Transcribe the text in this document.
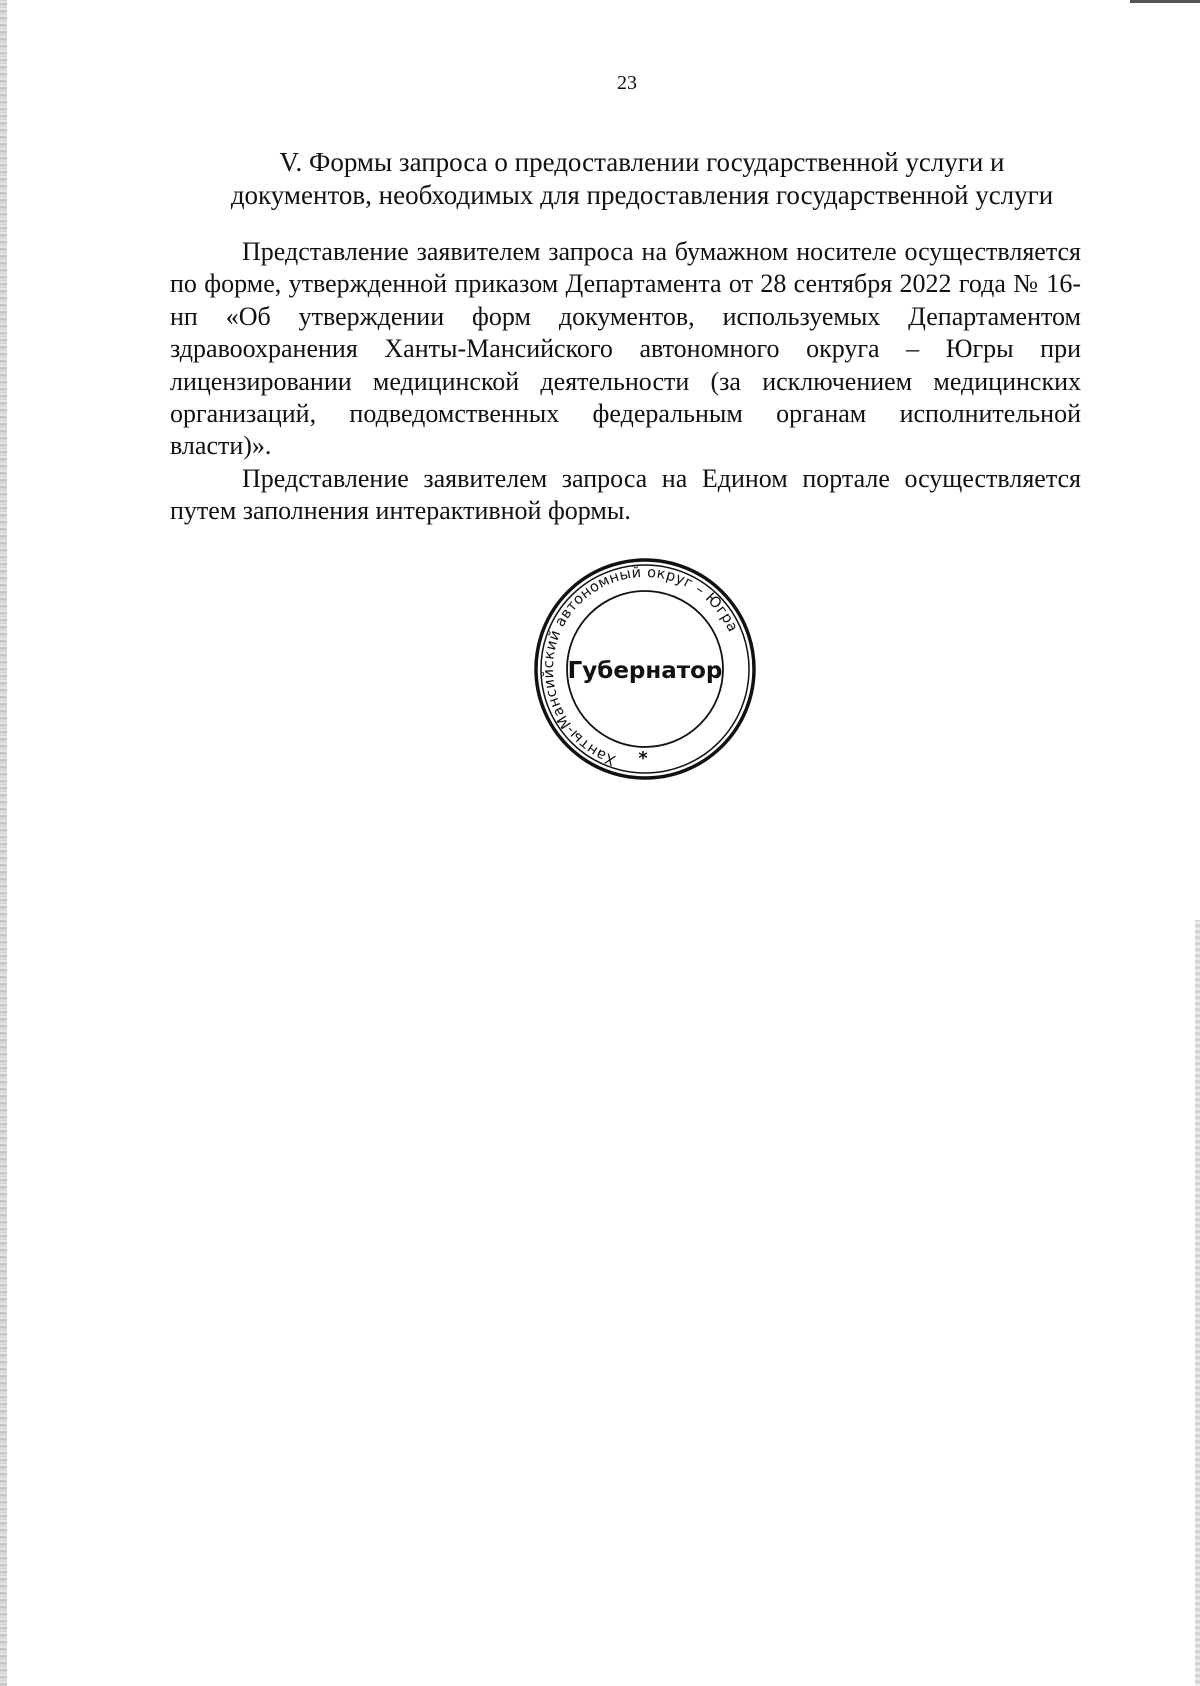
23
V. Формы запроса о предоставлении государственной услуги и
документов, необходимых для предоставления государственной услуги

Представление заявителем запроса на бумажном носителе осуществляется по форме, утвержденной приказом Департамента от 28 сентября 2022 года № 16-нп «Об утверждении форм документов, используемых Департаментом здравоохранения Ханты-Мансийского автономного округа – Югры при лицензировании медицинской деятельности (за исключением медицинских организаций, подведомственных федеральным органам исполнительной власти)».

Представление заявителем запроса на Едином портале осуществляется путем заполнения интерактивной формы.

Ханты-Мансийский автономный округ – Югра
Губернатор
*
